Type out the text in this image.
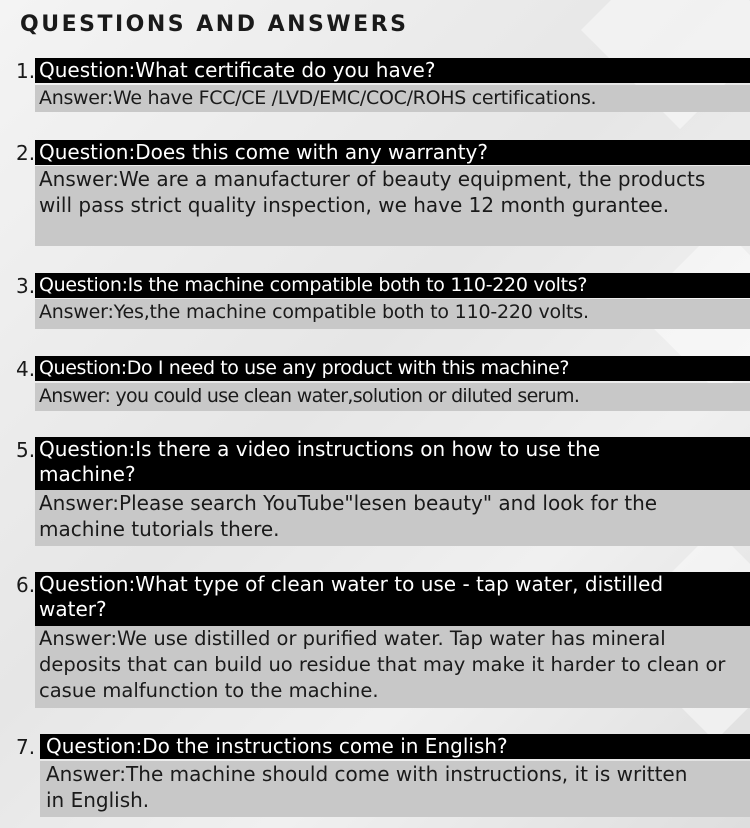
QUESTIONS AND ANSWERS
1. Question:What certificate do you have?
Answer:We have FCC/CE /LVD/EMC/COC/ROHS certifications.
2. Question:Does this come with any warranty?
Answer:We are a manufacturer of beauty equipment, the products will pass strict quality inspection, we have 12 month gurantee.
3. Question:Is the machine compatible both to 110-220 volts?
Answer:Yes,the machine compatible both to 110-220 volts.
4. Question:Do I need to use any product with this machine?
Answer: you could use clean water,solution or diluted serum.
5. Question:Is there a video instructions on how to use the machine?
Answer:Please search YouTube"lesen beauty" and look for the machine tutorials there.
6. Question:What type of clean water to use - tap water, distilled water?
Answer:We use distilled or purified water. Tap water has mineral deposits that can build uo residue that may make it harder to clean or casue malfunction to the machine.
7. Question:Do the instructions come in English?
Answer:The machine should come with instructions, it is written in English.
